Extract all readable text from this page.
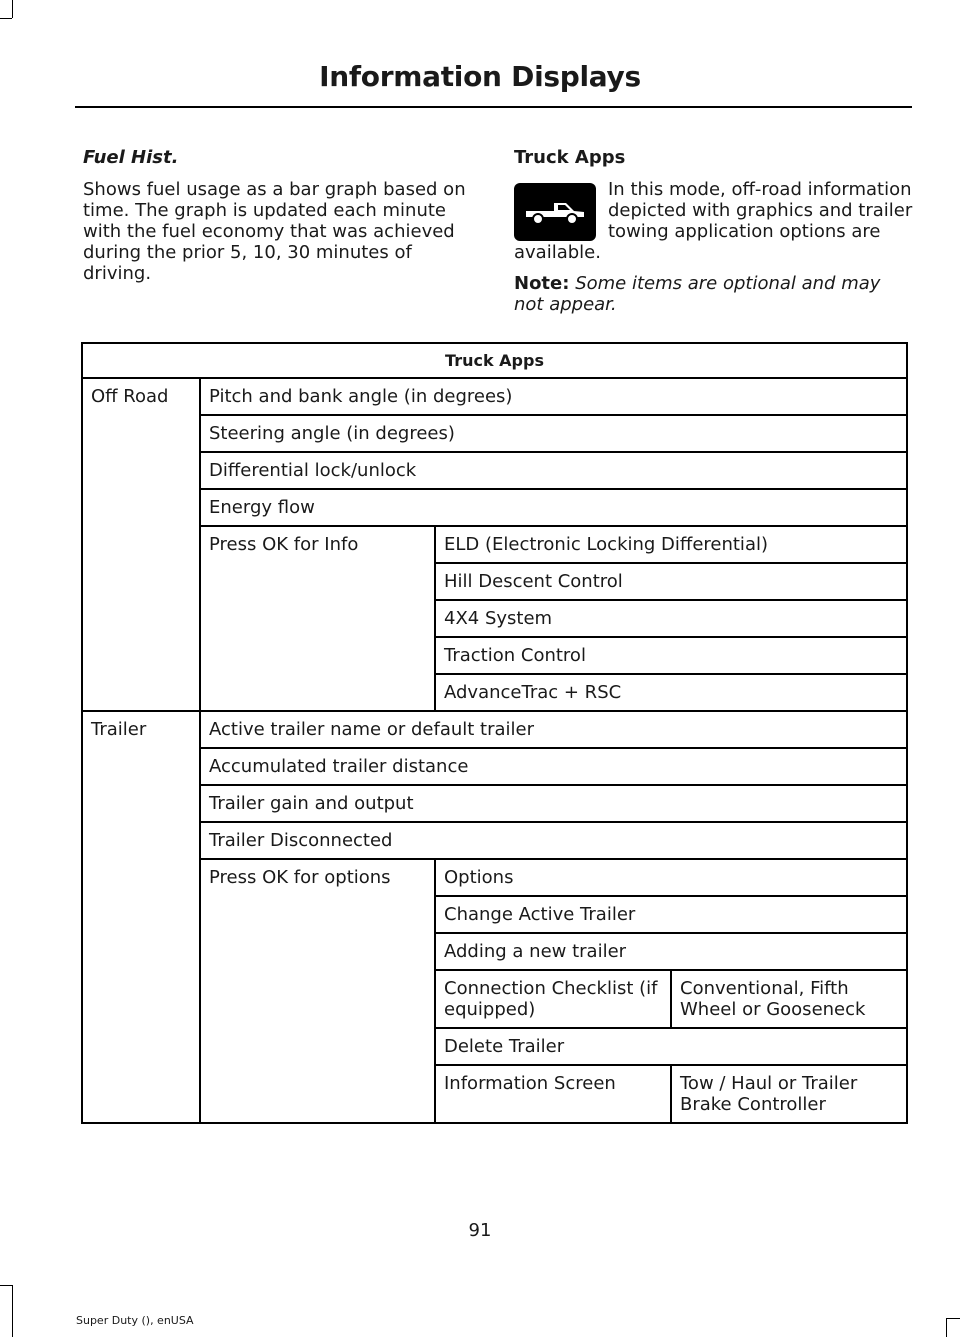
Information Displays

Fuel Hist.

Shows fuel usage as a bar graph based on time. The graph is updated each minute with the fuel economy that was achieved during the prior 5, 10, 30 minutes of driving.

Truck Apps

In this mode, off-road information depicted with graphics and trailer towing application options are available.

Note: Some items are optional and may not appear.

Truck Apps			
Off Road	Pitch and bank angle (in degrees)		
	Steering angle (in degrees)		
	Differential lock/unlock		
	Energy flow		
	Press OK for Info	ELD (Electronic Locking Differential)	
		Hill Descent Control	
		4X4 System	
		Traction Control	
		AdvanceTrac + RSC	
Trailer	Active trailer name or default trailer		
	Accumulated trailer distance		
	Trailer gain and output		
	Trailer Disconnected		
	Press OK for options	Options	
		Change Active Trailer	
		Adding a new trailer	
		Connection Checklist (if equipped)	Conventional, Fifth Wheel or Gooseneck
		Delete Trailer	
		Information Screen	Tow / Haul or Trailer Brake Controller
91
Super Duty (), enUSA
